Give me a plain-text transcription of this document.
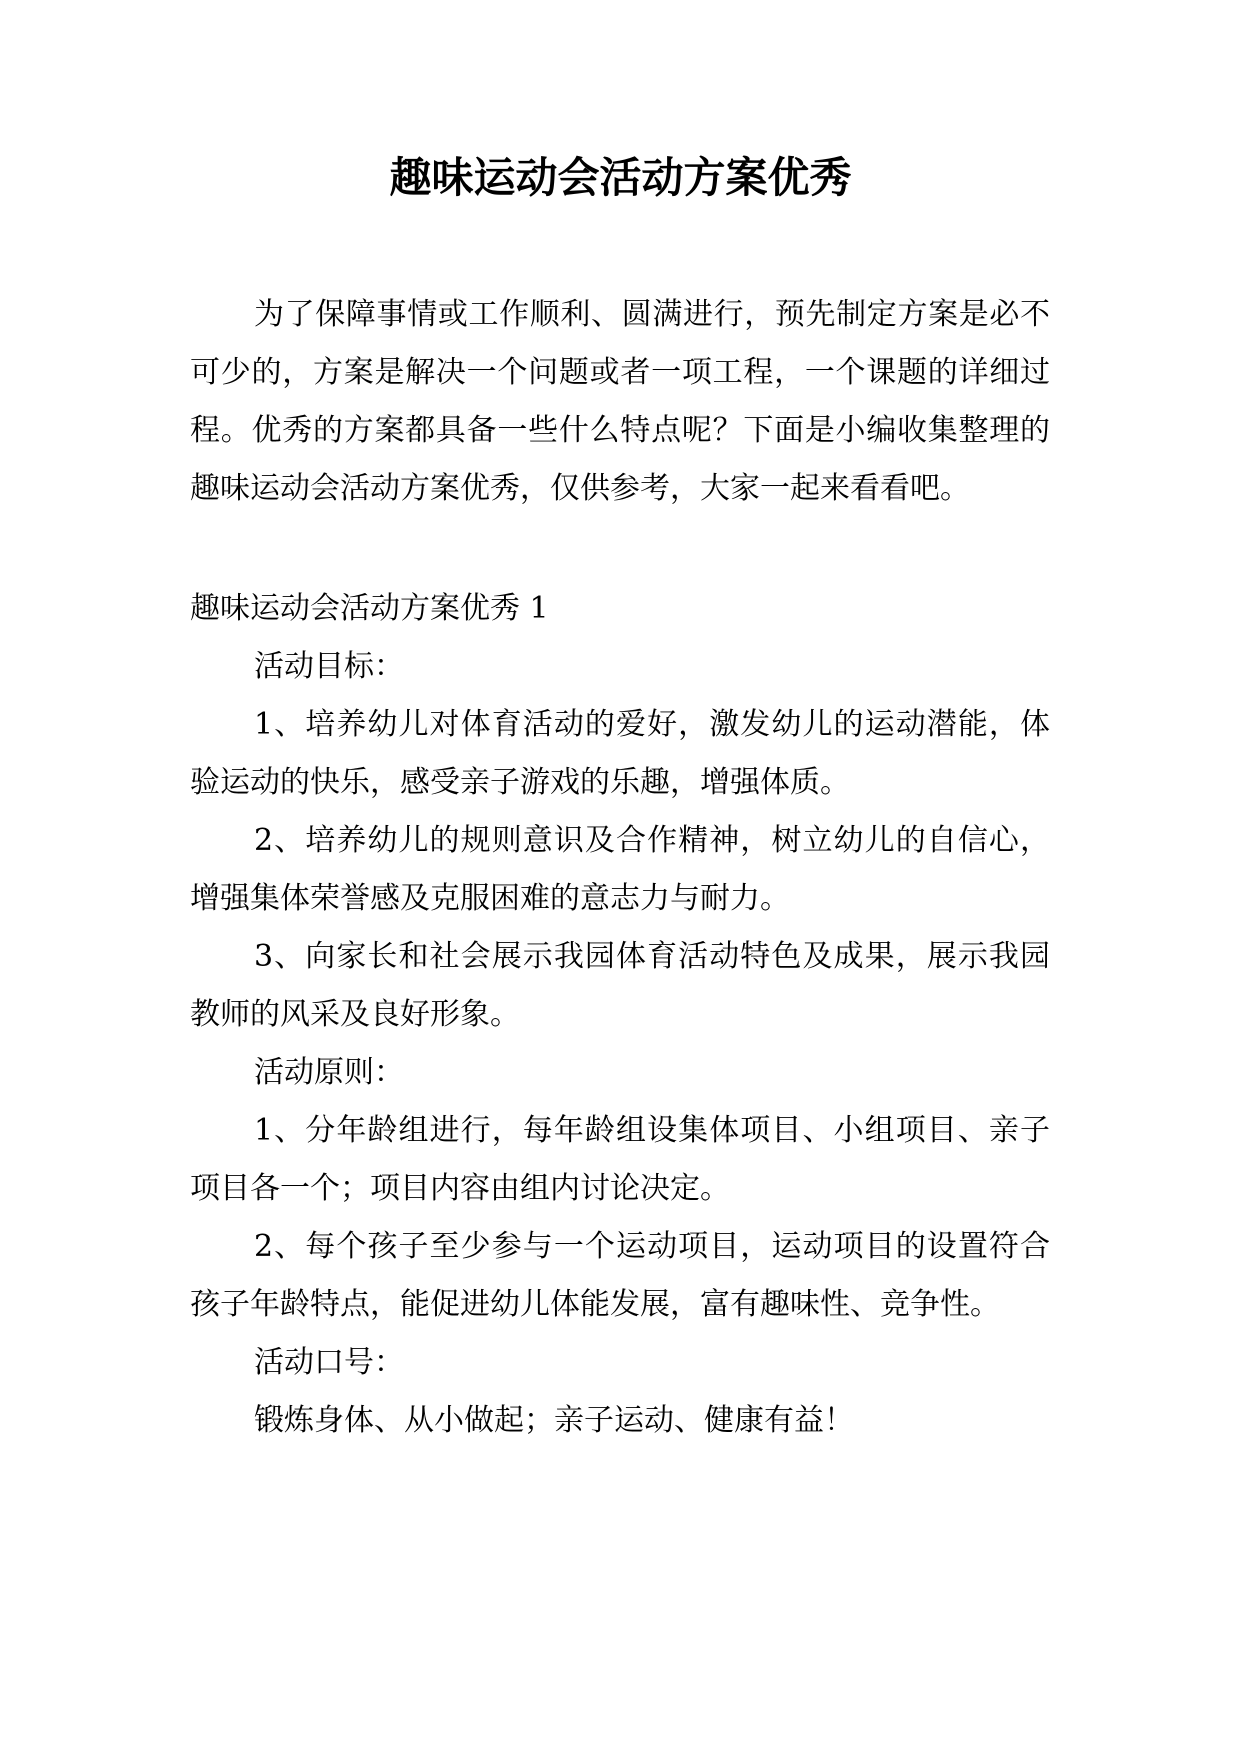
趣味运动会活动方案优秀

为了保障事情或工作顺利、圆满进行，预先制定方案是必不可少的，方案是解决一个问题或者一项工程，一个课题的详细过程。优秀的方案都具备一些什么特点呢？下面是小编收集整理的趣味运动会活动方案优秀，仅供参考，大家一起来看看吧。

趣味运动会活动方案优秀 1

活动目标：

1、培养幼儿对体育活动的爱好，激发幼儿的运动潜能，体验运动的快乐，感受亲子游戏的乐趣，增强体质。

2、培养幼儿的规则意识及合作精神，树立幼儿的自信心，增强集体荣誉感及克服困难的意志力与耐力。

3、向家长和社会展示我园体育活动特色及成果，展示我园教师的风采及良好形象。

活动原则：

1、分年龄组进行，每年龄组设集体项目、小组项目、亲子项目各一个；项目内容由组内讨论决定。

2、每个孩子至少参与一个运动项目，运动项目的设置符合孩子年龄特点，能促进幼儿体能发展，富有趣味性、竞争性。

活动口号：

锻炼身体、从小做起；亲子运动、健康有益！
